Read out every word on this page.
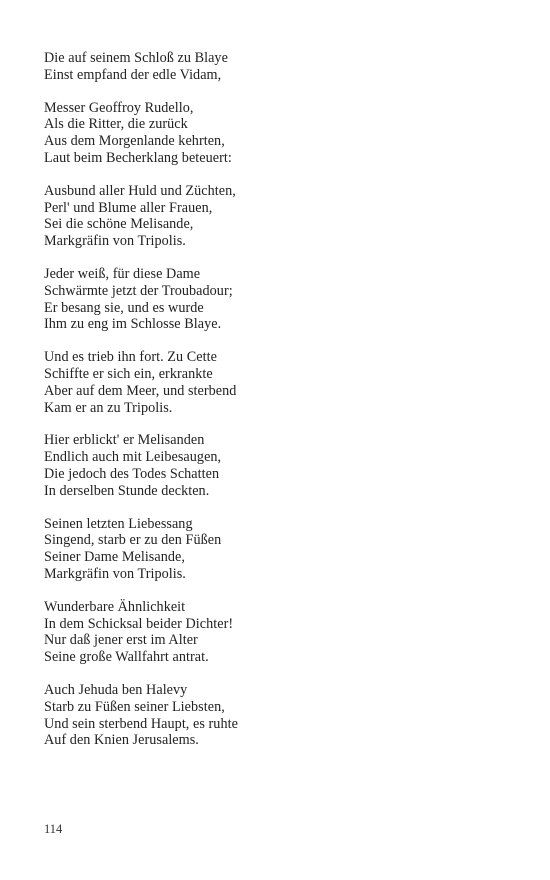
Die auf seinem Schloß zu Blaye
Einst empfand der edle Vidam,
Messer Geoffroy Rudello,
Als die Ritter, die zurück
Aus dem Morgenlande kehrten,
Laut beim Becherklang beteuert:
Ausbund aller Huld und Züchten,
Perl' und Blume aller Frauen,
Sei die schöne Melisande,
Markgräfin von Tripolis.
Jeder weiß, für diese Dame
Schwärmte jetzt der Troubadour;
Er besang sie, und es wurde
Ihm zu eng im Schlosse Blaye.
Und es trieb ihn fort. Zu Cette
Schiffte er sich ein, erkrankte
Aber auf dem Meer, und sterbend
Kam er an zu Tripolis.
Hier erblickt' er Melisanden
Endlich auch mit Leibesaugen,
Die jedoch des Todes Schatten
In derselben Stunde deckten.
Seinen letzten Liebessang
Singend, starb er zu den Füßen
Seiner Dame Melisande,
Markgräfin von Tripolis.
Wunderbare Ähnlichkeit
In dem Schicksal beider Dichter!
Nur daß jener erst im Alter
Seine große Wallfahrt antrat.
Auch Jehuda ben Halevy
Starb zu Füßen seiner Liebsten,
Und sein sterbend Haupt, es ruhte
Auf den Knien Jerusalems.
114
